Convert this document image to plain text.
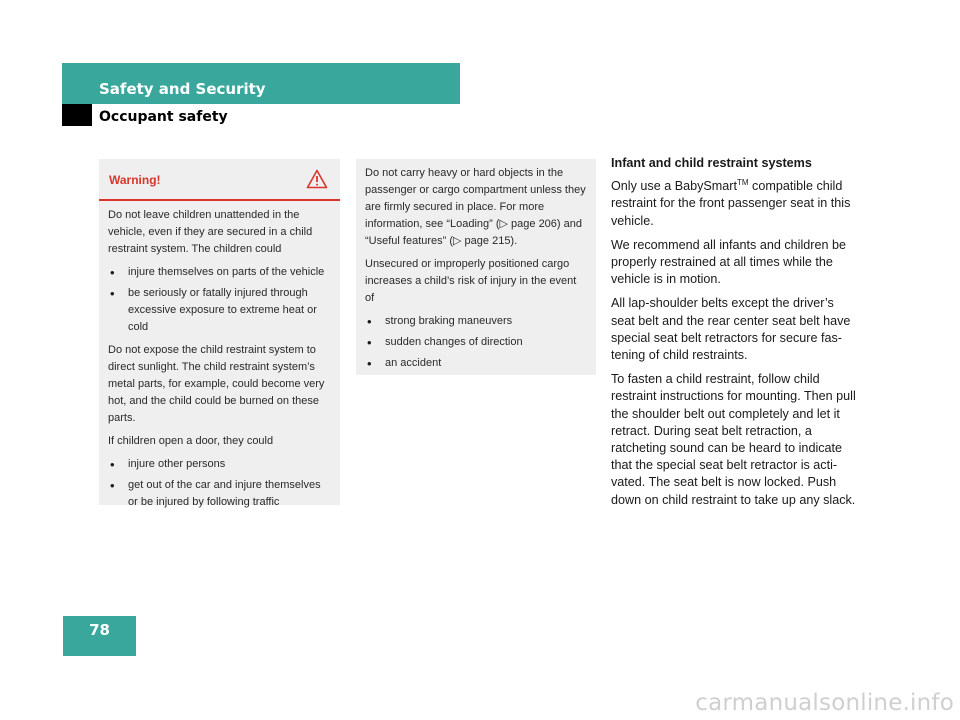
Safety and Security
Occupant safety
Warning!

Do not leave children unattended in the vehicle, even if they are secured in a child restraint system. The children could

• injure themselves on parts of the vehicle
• be seriously or fatally injured through excessive exposure to extreme heat or cold

Do not expose the child restraint system to direct sunlight. The child restraint system’s metal parts, for example, could become very hot, and the child could be burned on these parts.

If children open a door, they could

• injure other persons
• get out of the car and injure themselves or be injured by following traffic

Do not carry heavy or hard objects in the passenger or cargo compartment unless they are firmly secured in place. For more information, see “Loading” (▷ page 206) and “Useful features” (▷ page 215).

Unsecured or improperly positioned cargo increases a child’s risk of injury in the event of

• strong braking maneuvers
• sudden changes of direction
• an accident
Infant and child restraint systems

Only use a BabySmart™ compatible child restraint for the front passenger seat in this vehicle.

We recommend all infants and children be properly restrained at all times while the vehicle is in motion.

All lap-shoulder belts except the driver’s seat belt and the rear center seat belt have special seat belt retractors for secure fas-tening of child restraints.

To fasten a child restraint, follow child restraint instructions for mounting. Then pull the shoulder belt out completely and let it retract. During seat belt retraction, a ratcheting sound can be heard to indicate that the special seat belt retractor is acti-vated. The seat belt is now locked. Push down on child restraint to take up any slack.

78
carmanualsonline.info
